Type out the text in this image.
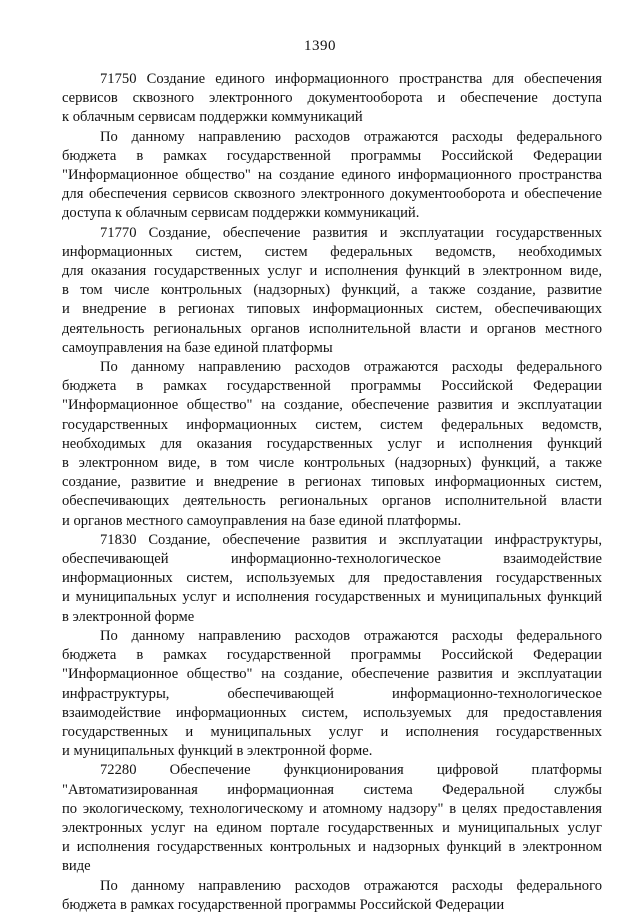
1390
71750 Создание единого информационного пространства для обеспечения
сервисов сквозного электронного документооборота и обеспечение доступа
к облачным сервисам поддержки коммуникаций
По данному направлению расходов отражаются расходы федерального
бюджета в рамках государственной программы Российской Федерации
"Информационное общество" на создание единого информационного пространства
для обеспечения сервисов сквозного электронного документооборота и обеспечение
доступа к облачным сервисам поддержки коммуникаций.
71770 Создание, обеспечение развития и эксплуатации государственных
информационных систем, систем федеральных ведомств, необходимых
для оказания государственных услуг и исполнения функций в электронном виде,
в том числе контрольных (надзорных) функций, а также создание, развитие
и внедрение в регионах типовых информационных систем, обеспечивающих
деятельность региональных органов исполнительной власти и органов местного
самоуправления на базе единой платформы
По данному направлению расходов отражаются расходы федерального
бюджета в рамках государственной программы Российской Федерации
"Информационное общество" на создание, обеспечение развития и эксплуатации
государственных информационных систем, систем федеральных ведомств,
необходимых для оказания государственных услуг и исполнения функций
в электронном виде, в том числе контрольных (надзорных) функций, а также
создание, развитие и внедрение в регионах типовых информационных систем,
обеспечивающих деятельность региональных органов исполнительной власти
и органов местного самоуправления на базе единой платформы.
71830 Создание, обеспечение развития и эксплуатации инфраструктуры,
обеспечивающей информационно-технологическое взаимодействие
информационных систем, используемых для предоставления государственных
и муниципальных услуг и исполнения государственных и муниципальных функций
в электронной форме
По данному направлению расходов отражаются расходы федерального
бюджета в рамках государственной программы Российской Федерации
"Информационное общество" на создание, обеспечение развития и эксплуатации
инфраструктуры, обеспечивающей информационно-технологическое
взаимодействие информационных систем, используемых для предоставления
государственных и муниципальных услуг и исполнения государственных
и муниципальных функций в электронной форме.
72280 Обеспечение функционирования цифровой платформы
"Автоматизированная информационная система Федеральной службы
по экологическому, технологическому и атомному надзору" в целях предоставления
электронных услуг на едином портале государственных и муниципальных услуг
и исполнения государственных контрольных и надзорных функций в электронном
виде
По данному направлению расходов отражаются расходы федерального
бюджета в рамках государственной программы Российской Федерации
